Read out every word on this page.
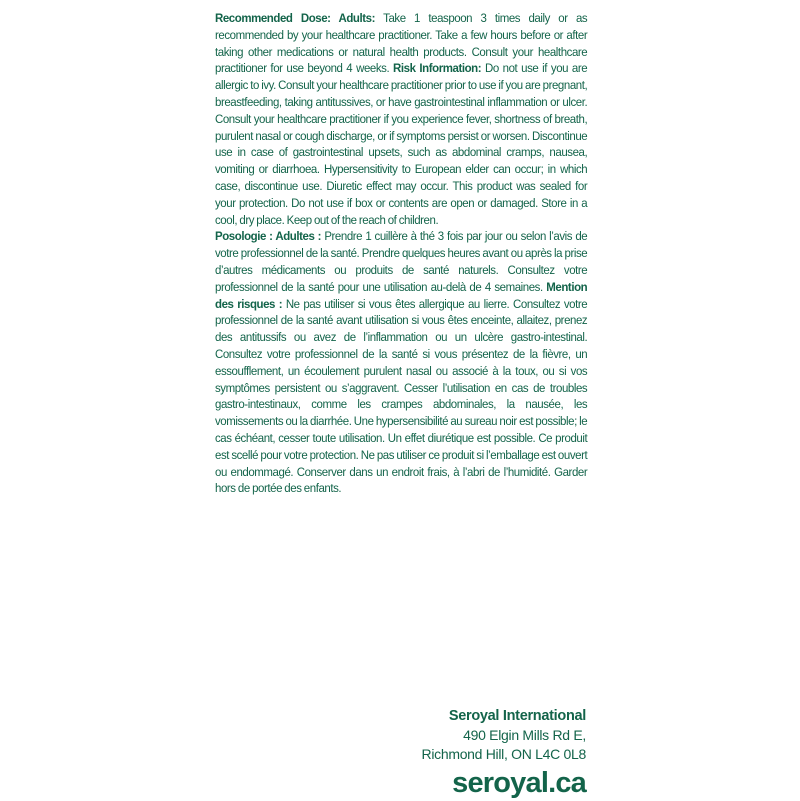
Recommended Dose: Adults: Take 1 teaspoon 3 times daily or as recommended by your healthcare practitioner. Take a few hours before or after taking other medications or natural health products. Consult your healthcare practitioner for use beyond 4 weeks. Risk Information: Do not use if you are allergic to ivy. Consult your healthcare practitioner prior to use if you are pregnant, breastfeeding, taking antitussives, or have gastrointestinal inflammation or ulcer. Consult your healthcare practitioner if you experience fever, shortness of breath, purulent nasal or cough discharge, or if symptoms persist or worsen. Discontinue use in case of gastrointestinal upsets, such as abdominal cramps, nausea, vomiting or diarrhoea. Hypersensitivity to European elder can occur; in which case, discontinue use. Diuretic effect may occur. This product was sealed for your protection. Do not use if box or contents are open or damaged. Store in a cool, dry place. Keep out of the reach of children.

Posologie : Adultes : Prendre 1 cuillère à thé 3 fois par jour ou selon l’avis de votre professionnel de la santé. Prendre quelques heures avant ou après la prise d’autres médicaments ou produits de santé naturels. Consultez votre professionnel de la santé pour une utilisation au-delà de 4 semaines. Mention des risques : Ne pas utiliser si vous êtes allergique au lierre. Consultez votre professionnel de la santé avant utilisation si vous êtes enceinte, allaitez, prenez des antitussifs ou avez de l’inflammation ou un ulcère gastro-intestinal. Consultez votre professionnel de la santé si vous présentez de la fièvre, un essoufflement, un écoulement purulent nasal ou associé à la toux, ou si vos symptômes persistent ou s’aggravent. Cesser l’utilisation en cas de troubles gastro-intestinaux, comme les crampes abdominales, la nausée, les vomissements ou la diarrhée. Une hypersensibilité au sureau noir est possible; le cas échéant, cesser toute utilisation. Un effet diurétique est possible. Ce produit est scellé pour votre protection. Ne pas utiliser ce produit si l’emballage est ouvert ou endommagé. Conserver dans un endroit frais, à l’abri de l’humidité. Garder hors de portée des enfants.

Seroyal International
490 Elgin Mills Rd E,
Richmond Hill, ON L4C 0L8
seroyal.ca
